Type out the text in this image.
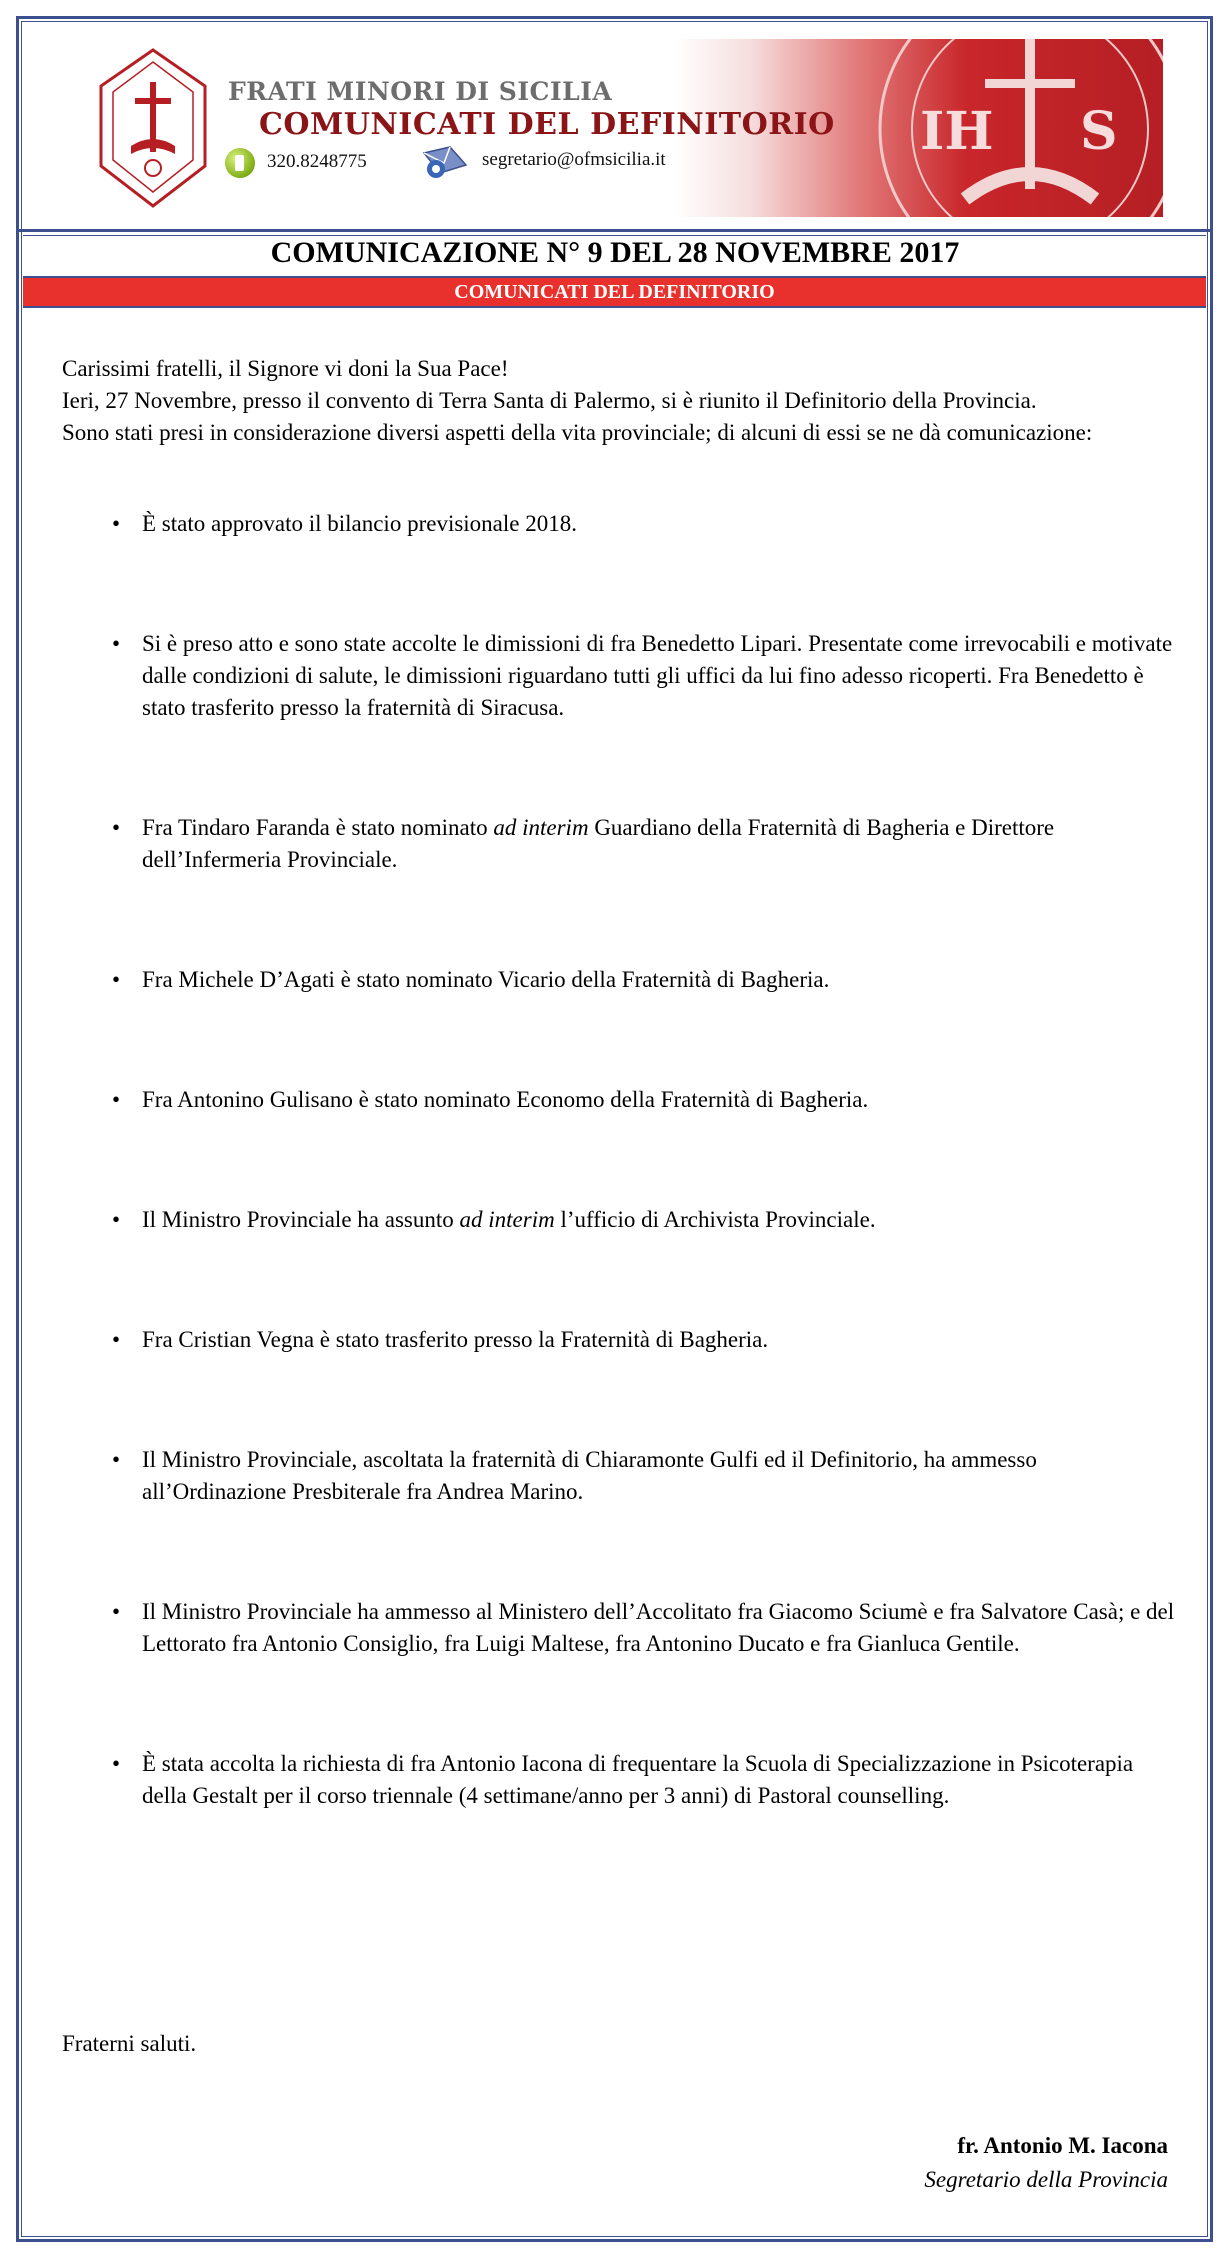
IH S
FRATI MINORI DI SICILIA
COMUNICATI DEL DEFINITORIO
320.8248775	segretario@ofmsicilia.it
COMUNICAZIONE N° 9 DEL 28 NOVEMBRE 2017
COMUNICATI DEL DEFINITORIO

Carissimi fratelli, il Signore vi doni la Sua Pace!

Ieri, 27 Novembre, presso il convento di Terra Santa di Palermo, si è riunito il Definitorio della Provincia.

Sono stati presi in considerazione diversi aspetti della vita provinciale; di alcuni di essi se ne dà comunicazione:

• È stato approvato il bilancio previsionale 2018.
• Si è preso atto e sono state accolte le dimissioni di fra Benedetto Lipari. Presentate come irrevocabili e motivate dalle condizioni di salute, le dimissioni riguardano tutti gli uffici da lui fino adesso ricoperti. Fra Benedetto è stato trasferito presso la fraternità di Siracusa.
• Fra Tindaro Faranda è stato nominato ad interim Guardiano della Fraternità di Bagheria e Direttore dell’Infermeria Provinciale.
• Fra Michele D’Agati è stato nominato Vicario della Fraternità di Bagheria.
• Fra Antonino Gulisano è stato nominato Economo della Fraternità di Bagheria.
• Il Ministro Provinciale ha assunto ad interim l’ufficio di Archivista Provinciale.
• Fra Cristian Vegna è stato trasferito presso la Fraternità di Bagheria.
• Il Ministro Provinciale, ascoltata la fraternità di Chiaramonte Gulfi ed il Definitorio, ha ammesso all’Ordinazione Presbiterale fra Andrea Marino.
• Il Ministro Provinciale ha ammesso al Ministero dell’Accolitato fra Giacomo Sciumè e fra Salvatore Casà; e del Lettorato fra Antonio Consiglio, fra Luigi Maltese, fra Antonino Ducato e fra Gianluca Gentile.
• È stata accolta la richiesta di fra Antonio Iacona di frequentare la Scuola di Specializzazione in Psicoterapia della Gestalt per il corso triennale (4 settimane/anno per 3 anni) di Pastoral counselling.
Fraterni saluti.
fr. Antonio M. Iacona
Segretario della Provincia
